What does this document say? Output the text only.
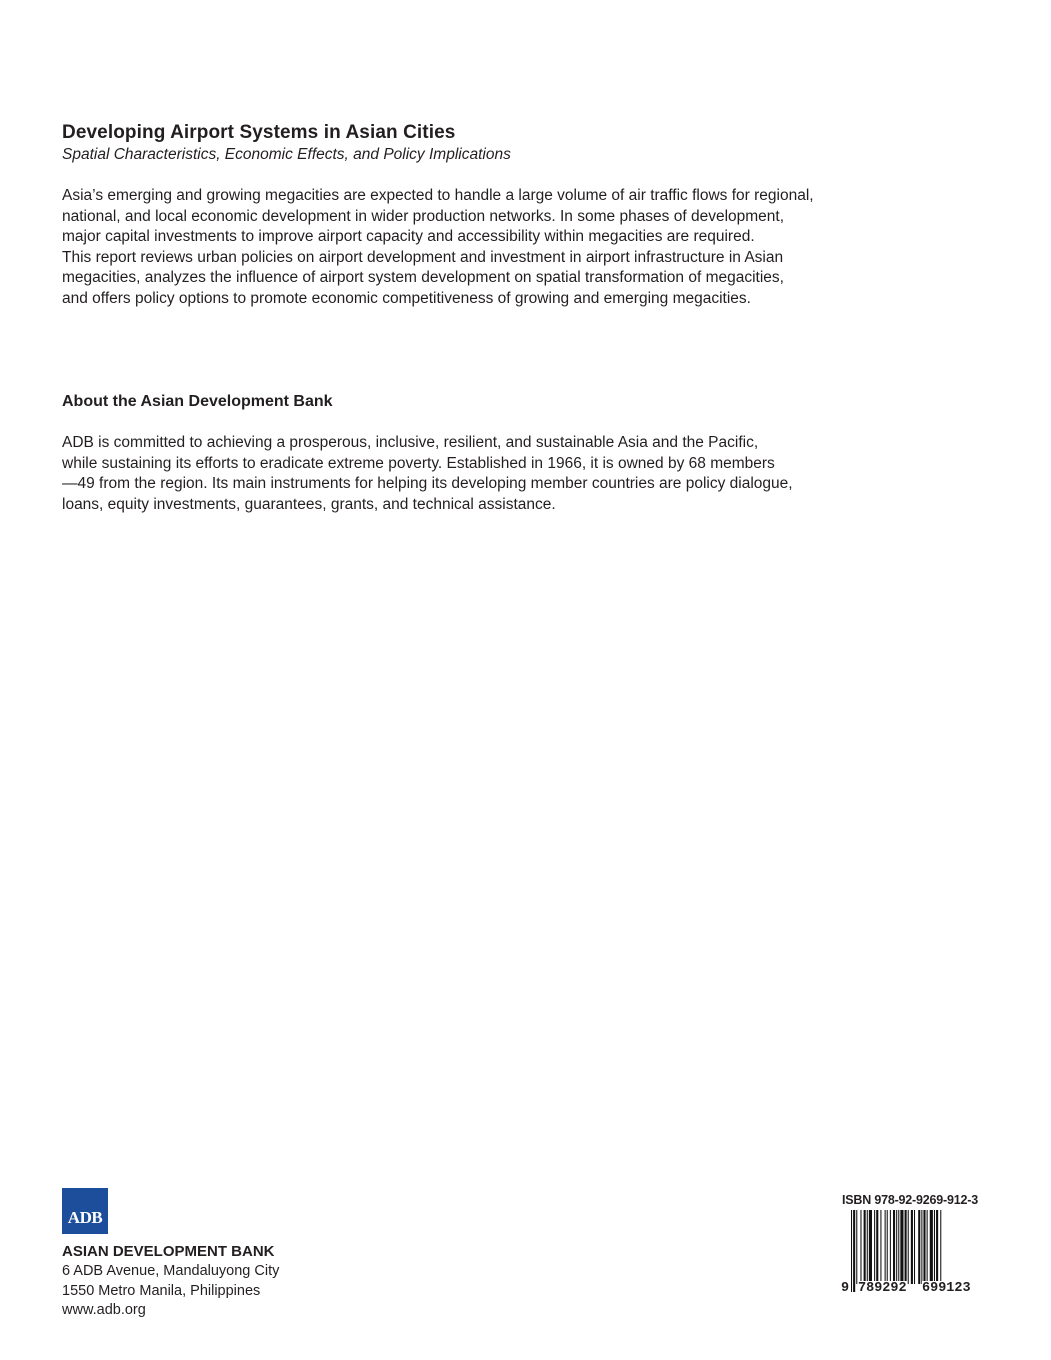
Developing Airport Systems in Asian Cities
Spatial Characteristics, Economic Effects, and Policy Implications
Asia’s emerging and growing megacities are expected to handle a large volume of air traffic flows for regional,
national, and local economic development in wider production networks. In some phases of development,
major capital investments to improve airport capacity and accessibility within megacities are required.
This report reviews urban policies on airport development and investment in airport infrastructure in Asian
megacities, analyzes the influence of airport system development on spatial transformation of megacities,
and offers policy options to promote economic competitiveness of growing and emerging megacities.
About the Asian Development Bank
ADB is committed to achieving a prosperous, inclusive, resilient, and sustainable Asia and the Pacific,
while sustaining its efforts to eradicate extreme poverty. Established in 1966, it is owned by 68 members
—49 from the region. Its main instruments for helping its developing member countries are policy dialogue,
loans, equity investments, guarantees, grants, and technical assistance.
ADB
ASIAN DEVELOPMENT BANK
6 ADB Avenue, Mandaluyong City
1550 Metro Manila, Philippines
www.adb.org
ISBN 978-92-9269-912-3
9 789292 699123
